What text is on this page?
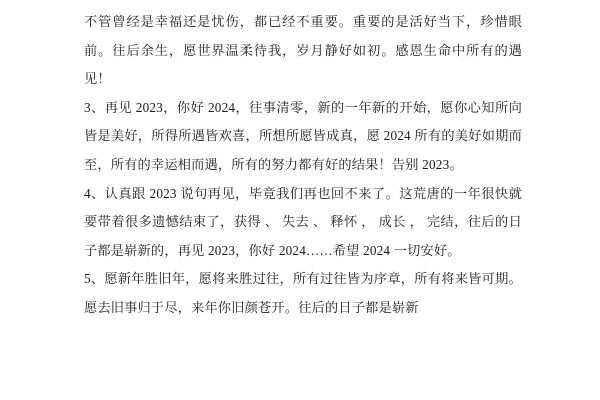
不管曾经是幸福还是忧伤，都已经不重要。重要的是活好当下，珍惜眼前。往后余生，愿世界温柔待我，岁月静好如初。感恩生命中所有的遇见！

3、再见 2023，你好 2024，往事清零，新的一年新的开始，愿你心知所向皆是美好，所得所遇皆欢喜，所想所愿皆成真，愿 2024 所有的美好如期而至，所有的幸运相而遇，所有的努力都有好的结果！告别 2023。

4、认真跟 2023 说句再见，毕竟我们再也回不来了。这荒唐的一年很快就要带着很多遗憾结束了，获得 、 失去 、 释怀 ， 成长 ， 完结，往后的日子都是崭新的，再见 2023，你好 2024……希望 2024 一切安好。

5、愿新年胜旧年，愿将来胜过往，所有过往皆为序章，所有将来皆可期。愿去旧事归于尽，来年你旧颜苍开。往后的日子都是崭新
